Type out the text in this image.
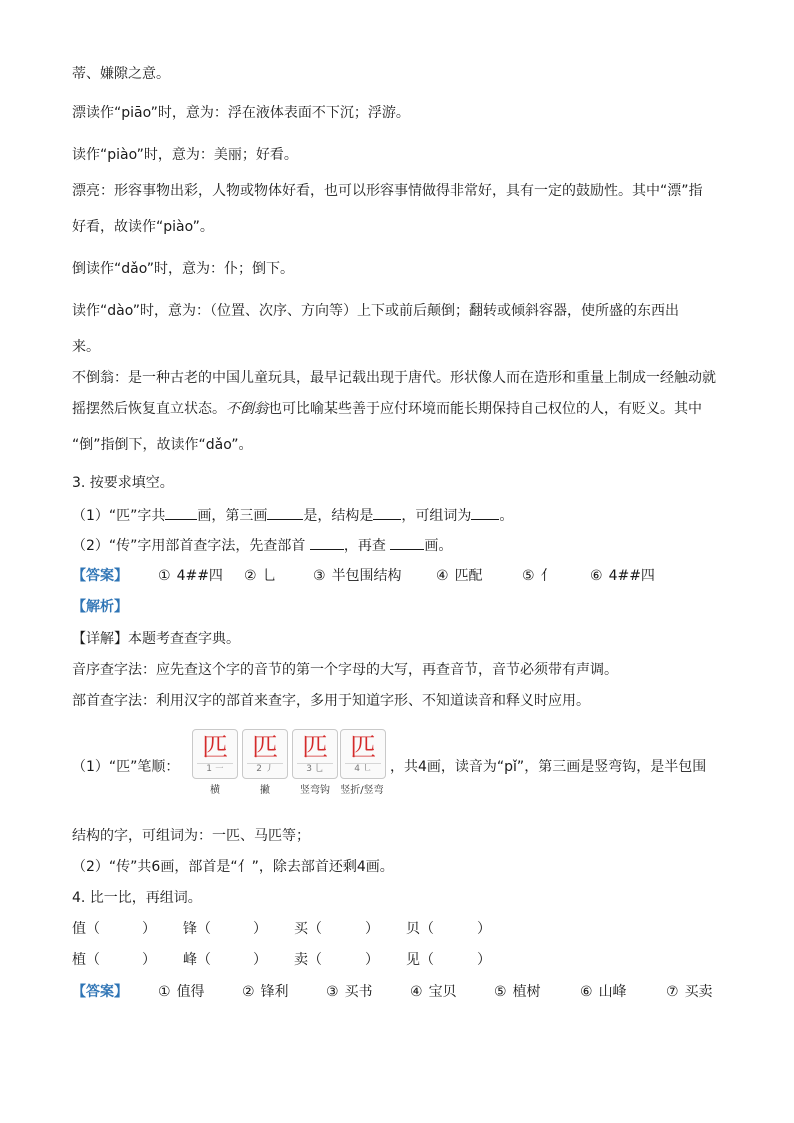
蒂、嫌隙之意。
漂读作“piāo”时，意为：浮在液体表面不下沉；浮游。
读作“piào”时，意为：美丽；好看。
漂亮：形容事物出彩，人物或物体好看，也可以形容事情做得非常好，具有一定的鼓励性。其中“漂”指
好看，故读作“piào”。
倒读作“dǎo”时，意为：仆；倒下。
读作“dào”时，意为：（位置、次序、方向等）上下或前后颠倒；翻转或倾斜容器，使所盛的东西出
来。
不倒翁：是一种古老的中国儿童玩具，最早记载出现于唐代。形状像人而在造形和重量上制成一经触动就
摇摆然后恢复直立状态。不倒翁也可比喻某些善于应付环境而能长期保持自己权位的人，有贬义。其中
“倒”指倒下，故读作“dǎo”。
3. 按要求填空。
（1）“匹”字共 画，第三画	是，结构是 ，可组词为 。
（2）“传”字用部首查字法，先查部首 ，再查 画。
【答案】 ① 4##四 ② 乚	③ 半包围结构 ④ 匹配	⑤ 亻	⑥ 4##四
【解析】
【详解】本题考查查字典。
音序查字法：应先查这个字的音节的第一个字母的大写，再查音节，音节必须带有声调。
部首查字法：利用汉字的部首来查字，多用于知道字形、不知道读音和释义时应用。
（1）“匹”笔顺：
匹
1 ㇐
横
匹
2 ㇓
撇
匹
3 乚
竖弯钩
匹
4 ㇗
竖折/竖弯
，共4画，读音为“pǐ”，第三画是竖弯钩，是半包围
结构的字，可组词为：一匹、马匹等；
（2）“传”共6画，部首是“亻”，除去部首还剩4画。
4. 比一比，再组词。
值（	） 锋（	） 买（	） 贝（	）
植（	） 峰（	） 卖（	） 见（	）
【答案】 ① 值得	② 锋利	③ 买书	④ 宝贝	⑤ 植树	⑥ 山峰	⑦ 买卖
